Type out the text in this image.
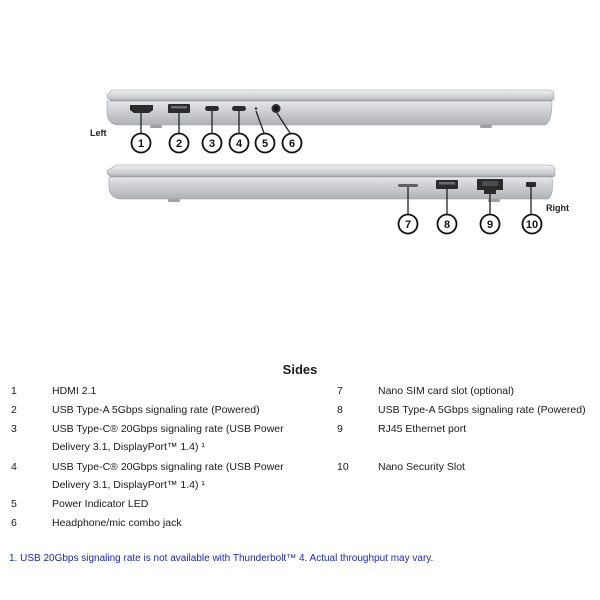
Left
1	2 3 4 5 6
Right
7	8	9	10
Sides
1	HDMI 2.1
2	USB Type-A 5Gbps signaling rate (Powered)
3	USB Type-C® 20Gbps signaling rate (USB Power
Delivery 3.1, DisplayPort™ 1.4) ¹
4	USB Type-C® 20Gbps signaling rate (USB Power
Delivery 3.1, DisplayPort™ 1.4) ¹
5	Power Indicator LED
6	Headphone/mic combo jack
7	Nano SIM card slot (optional)
8	USB Type-A 5Gbps signaling rate (Powered)
9	RJ45 Ethernet port
10	Nano Security Slot
1. USB 20Gbps signaling rate is not available with Thunderbolt™ 4. Actual throughput may vary.
